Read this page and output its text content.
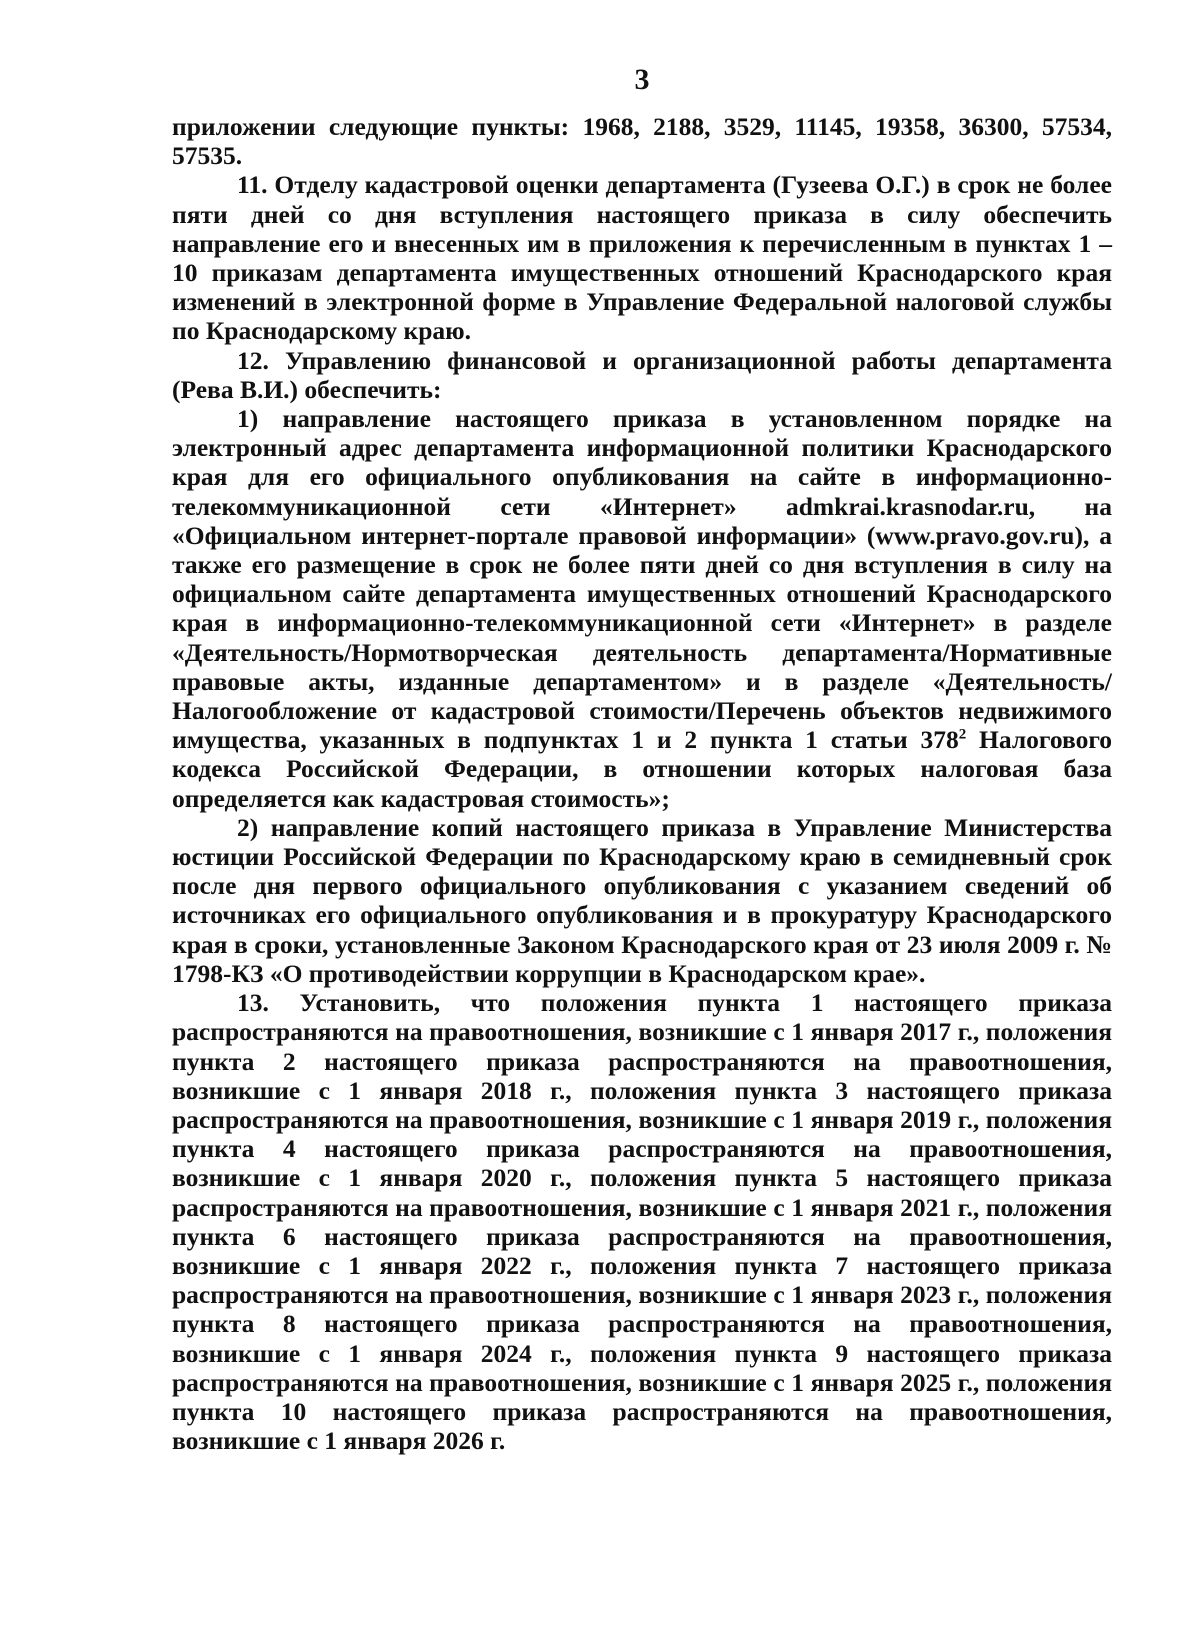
3

приложении следующие пункты: 1968, 2188, 3529, 11145, 19358, 36300, 57534, 57535.

11. Отделу кадастровой оценки департамента (Гузеева О.Г.) в срок не более пяти дней со дня вступления настоящего приказа в силу обеспечить направление его и внесенных им в приложения к перечисленным в пунктах 1 – 10 приказам департамента имущественных отношений Краснодарского края изменений в электронной форме в Управление Федеральной налоговой службы по Краснодарскому краю.

12. Управлению финансовой и организационной работы департамента (Рева В.И.) обеспечить:

1) направление настоящего приказа в установленном порядке на электронный адрес департамента информационной политики Краснодарского края для его официального опубликования на сайте в информационно-телекоммуникационной сети «Интернет» admkrai.krasnodar.ru, на «Официальном интернет-портале правовой информации» (www.pravo.gov.ru), а также его размещение в срок не более пяти дней со дня вступления в силу на официальном сайте департамента имущественных отношений Краснодарского края в информационно-телекоммуникационной сети «Интернет» в разделе «Деятельность/Нормотворческая деятельность департамента/Нормативные правовые акты, изданные департаментом» и в разделе «Деятельность/ Налогообложение от кадастровой стоимости/Перечень объектов недвижимого имущества, указанных в подпунктах 1 и 2 пункта 1 статьи $378^2$ Налогового кодекса Российской Федерации, в отношении которых налоговая база определяется как кадастровая стоимость»;

2) направление копий настоящего приказа в Управление Министерства юстиции Российской Федерации по Краснодарскому краю в семидневный срок после дня первого официального опубликования с указанием сведений об источниках его официального опубликования и в прокуратуру Краснодарского края в сроки, установленные Законом Краснодарского края от 23 июля 2009 г. № 1798-КЗ «О противодействии коррупции в Краснодарском крае».

13. Установить, что положения пункта 1 настоящего приказа распространяются на правоотношения, возникшие с 1 января 2017 г., положения пункта 2 настоящего приказа распространяются на правоотношения, возникшие с 1 января 2018 г., положения пункта 3 настоящего приказа распространяются на правоотношения, возникшие с 1 января 2019 г., положения пункта 4 настоящего приказа распространяются на правоотношения, возникшие с 1 января 2020 г., положения пункта 5 настоящего приказа распространяются на правоотношения, возникшие с 1 января 2021 г., положения пункта 6 настоящего приказа распространяются на правоотношения, возникшие с 1 января 2022 г., положения пункта 7 настоящего приказа распространяются на правоотношения, возникшие с 1 января 2023 г., положения пункта 8 настоящего приказа распространяются на правоотношения, возникшие с 1 января 2024 г., положения пункта 9 настоящего приказа распространяются на правоотношения, возникшие с 1 января 2025 г., положения пункта 10 настоящего приказа распространяются на правоотношения, возникшие с 1 января 2026 г.
